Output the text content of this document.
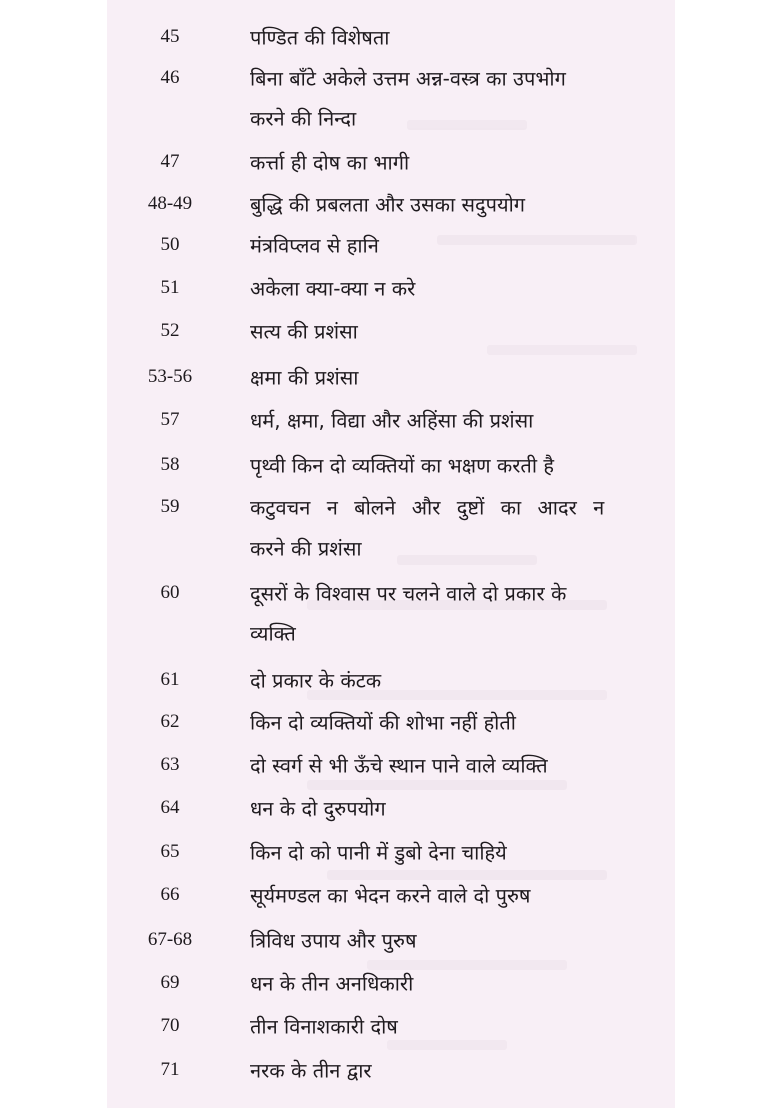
45	पण्डित की विशेषता
46	बिना बाँटे अकेले उत्तम अन्न-वस्त्र का उपभोग
करने की निन्दा
47	कर्त्ता ही दोष का भागी
48-49	बुद्धि की प्रबलता और उसका सदुपयोग
50	मंत्रविप्लव से हानि
51	अकेला क्या-क्या न करे
52	सत्य की प्रशंसा
53-56	क्षमा की प्रशंसा
57	धर्म, क्षमा, विद्या और अहिंसा की प्रशंसा
58	पृथ्वी किन दो व्यक्तियों का भक्षण करती है
59	कटुवचन न बोलने और दुष्टों का आदर न
करने की प्रशंसा
60	दूसरों के विश्वास पर चलने वाले दो प्रकार के
व्यक्ति
61	दो प्रकार के कंटक
62	किन दो व्यक्तियों की शोभा नहीं होती
63	दो स्वर्ग से भी ऊँचे स्थान पाने वाले व्यक्ति
64	धन के दो दुरुपयोग
65	किन दो को पानी में डुबो देना चाहिये
66	सूर्यमण्डल का भेदन करने वाले दो पुरुष
67-68	त्रिविध उपाय और पुरुष
69	धन के तीन अनधिकारी
70	तीन विनाशकारी दोष
71	नरक के तीन द्वार
